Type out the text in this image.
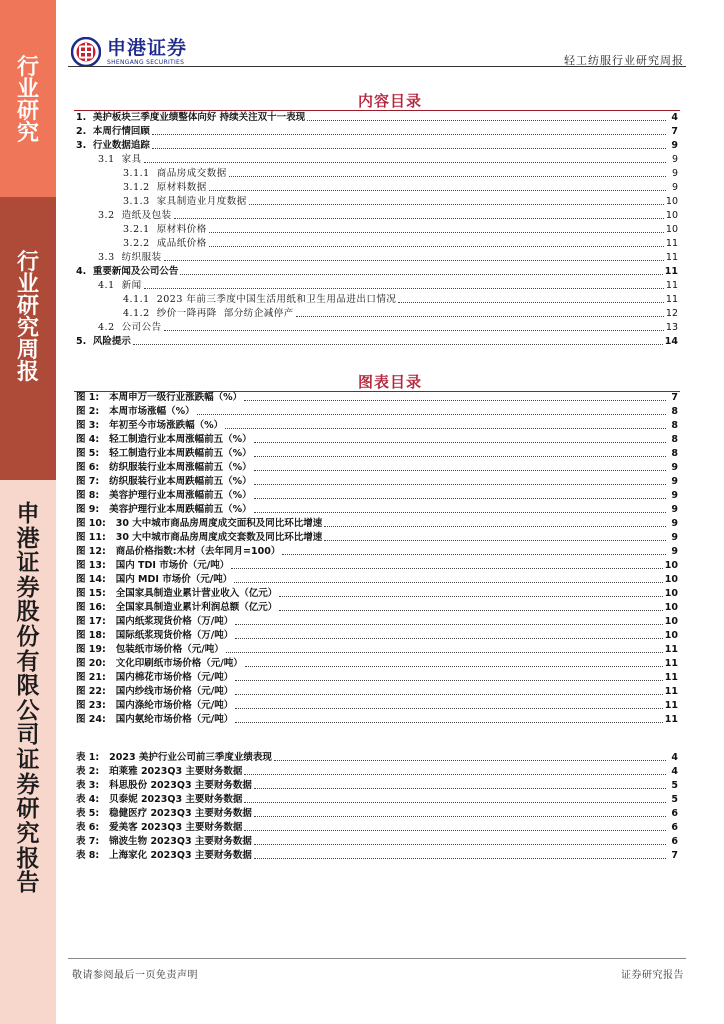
行业研究
行业研究周报
申港证券股份有限公司证券研究报告
申港证券
SHENGANG SECURITIES	轻工纺服行业研究周报
内容目录
1.  美护板块三季度业绩整体向好 持续关注双十一表现	4
2.  本周行情回顾	7
3.  行业数据追踪	9
3.1  家具	9
3.1.1  商品房成交数据	9
3.1.2  原材料数据	9
3.1.3  家具制造业月度数据	10
3.2  造纸及包装	10
3.2.1  原材料价格	10
3.2.2  成品纸价格	11
3.3  纺织服装	11
4.  重要新闻及公司公告	11
4.1  新闻	11
4.1.1  2023 年前三季度中国生活用纸和卫生用品进出口情况	11
4.1.2  纱价一降再降  部分纺企减停产	12
4.2  公司公告	13
5.  风险提示	14
图表目录
图 1:   本周申万一级行业涨跌幅（%）	7
图 2:   本周市场涨幅（%）	8
图 3:   年初至今市场涨跌幅（%）	8
图 4:   轻工制造行业本周涨幅前五（%）	8
图 5:   轻工制造行业本周跌幅前五（%）	8
图 6:   纺织服装行业本周涨幅前五（%）	9
图 7:   纺织服装行业本周跌幅前五（%）	9
图 8:   美容护理行业本周涨幅前五（%）	9
图 9:   美容护理行业本周跌幅前五（%）	9
图 10:   30 大中城市商品房周度成交面积及同比环比增速	9
图 11:   30 大中城市商品房周度成交套数及同比环比增速	9
图 12:   商品价格指数:木材（去年同月=100）	9
图 13:   国内 TDI 市场价（元/吨）	10
图 14:   国内 MDI 市场价（元/吨）	10
图 15:   全国家具制造业累计营业收入（亿元）	10
图 16:   全国家具制造业累计利润总额（亿元）	10
图 17:   国内纸浆现货价格（万/吨）	10
图 18:   国际纸浆现货价格（万/吨）	10
图 19:   包装纸市场价格（元/吨）	11
图 20:   文化印刷纸市场价格（元/吨）	11
图 21:   国内棉花市场价格（元/吨）	11
图 22:   国内纱线市场价格（元/吨）	11
图 23:   国内涤纶市场价格（元/吨）	11
图 24:   国内氨纶市场价格（元/吨）	11
表 1:   2023 美护行业公司前三季度业绩表现	4
表 2:   珀莱雅 2023Q3 主要财务数据	4
表 3:   科思股份 2023Q3 主要财务数据	5
表 4:   贝泰妮 2023Q3 主要财务数据	5
表 5:   稳健医疗 2023Q3 主要财务数据	6
表 6:   爱美客 2023Q3 主要财务数据	6
表 7:   锦波生物 2023Q3 主要财务数据	6
表 8:   上海家化 2023Q3 主要财务数据	7
敬请参阅最后一页免责声明	证券研究报告
